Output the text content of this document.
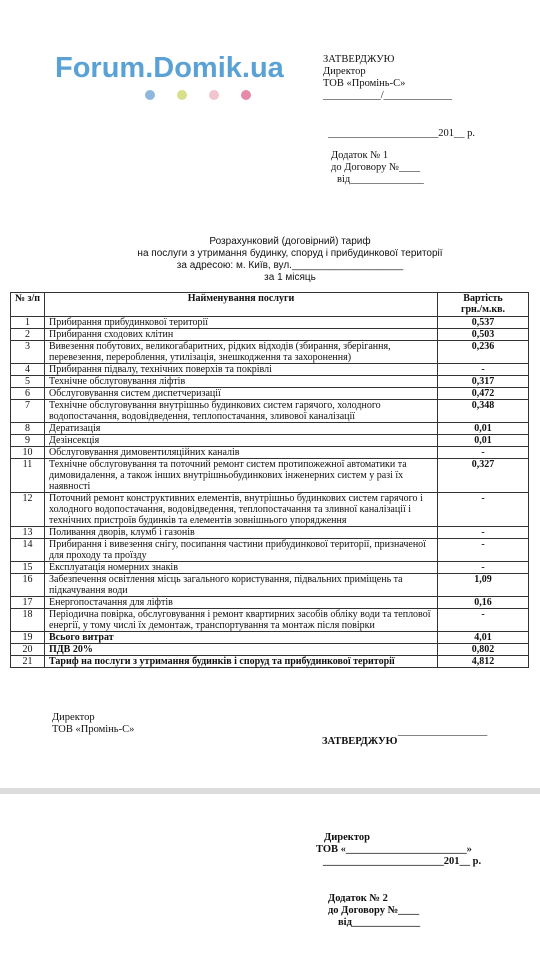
Forum.Domik.ua	ЗАТВЕРДЖУЮ
Директор
ТОВ «Промінь-С»
___________/_____________
_____________________201__ р.
Додаток № 1
до Договору №____
від______________
Розрахунковий (договірний) тариф
на послуги з утримання будинку, споруд і прибудинкової території
за адресою: м. Київ, вул.____________________
за 1 місяць
№ з/п	Найменування послуги	Вартість
грн./м.кв.

1	Прибирання прибудинкової території	0,537
2	Прибирання сходових клітин	0,503
3	Вивезення побутових, великогабаритних, рідких відходів (збирання, зберігання, перевезення, перероблення, утилізація, знешкодження та захоронення)	0,236
4	Прибирання підвалу, технічних поверхів та покрівлі	-
5	Технічне обслуговування ліфтів	0,317
6	Обслуговування систем диспетчеризації	0,472
7	Технічне обслуговування внутрішньо будинкових систем гарячого, холодного водопостачання, водовідведення, теплопостачання, зливової каналізації	0,348
8	Дератизація	0,01
9	Дезінсекція	0,01
10	Обслуговування димовентиляційних каналів	-
11	Технічне обслуговування та поточний ремонт систем протипожежної автоматики та димовидалення, а також інших внутрішньобудинкових інженерних систем у разі їх наявності	0,327
12	Поточний ремонт конструктивних елементів, внутрішньо будинкових систем гарячого і холодного водопостачання, водовідведення, теплопостачання та зливної каналізації і технічних пристроїв будинків та елементів зовнішнього упорядження	-
13	Поливання дворів, клумб і газонів	-
14	Прибирання і вивезення снігу, посипання частини прибудинкової території, призначеної для проходу та проїзду	-
15	Експлуатація номерних знаків	-
16	Забезпечення освітлення місць загального користування, підвальних приміщень та підкачування води	1,09
17	Енергопостачання для ліфтів	0,16
18	Періодична повірка, обслуговування і ремонт квартирних засобів обліку води та теплової енергії, у тому числі їх демонтаж, транспортування та монтаж після повірки	-
19	Всього витрат	4,01
20	ПДВ 20%	0,802
21	Тариф на послуги з утримання будинків і споруд та прибудинкової території	4,812
Директор
ТОВ «Промінь-С»	_________________
ЗАТВЕРДЖУЮ
Директор
ТОВ «_______________________»
_______________________201__ р.
Додаток № 2
до Договору №____
від_____________
